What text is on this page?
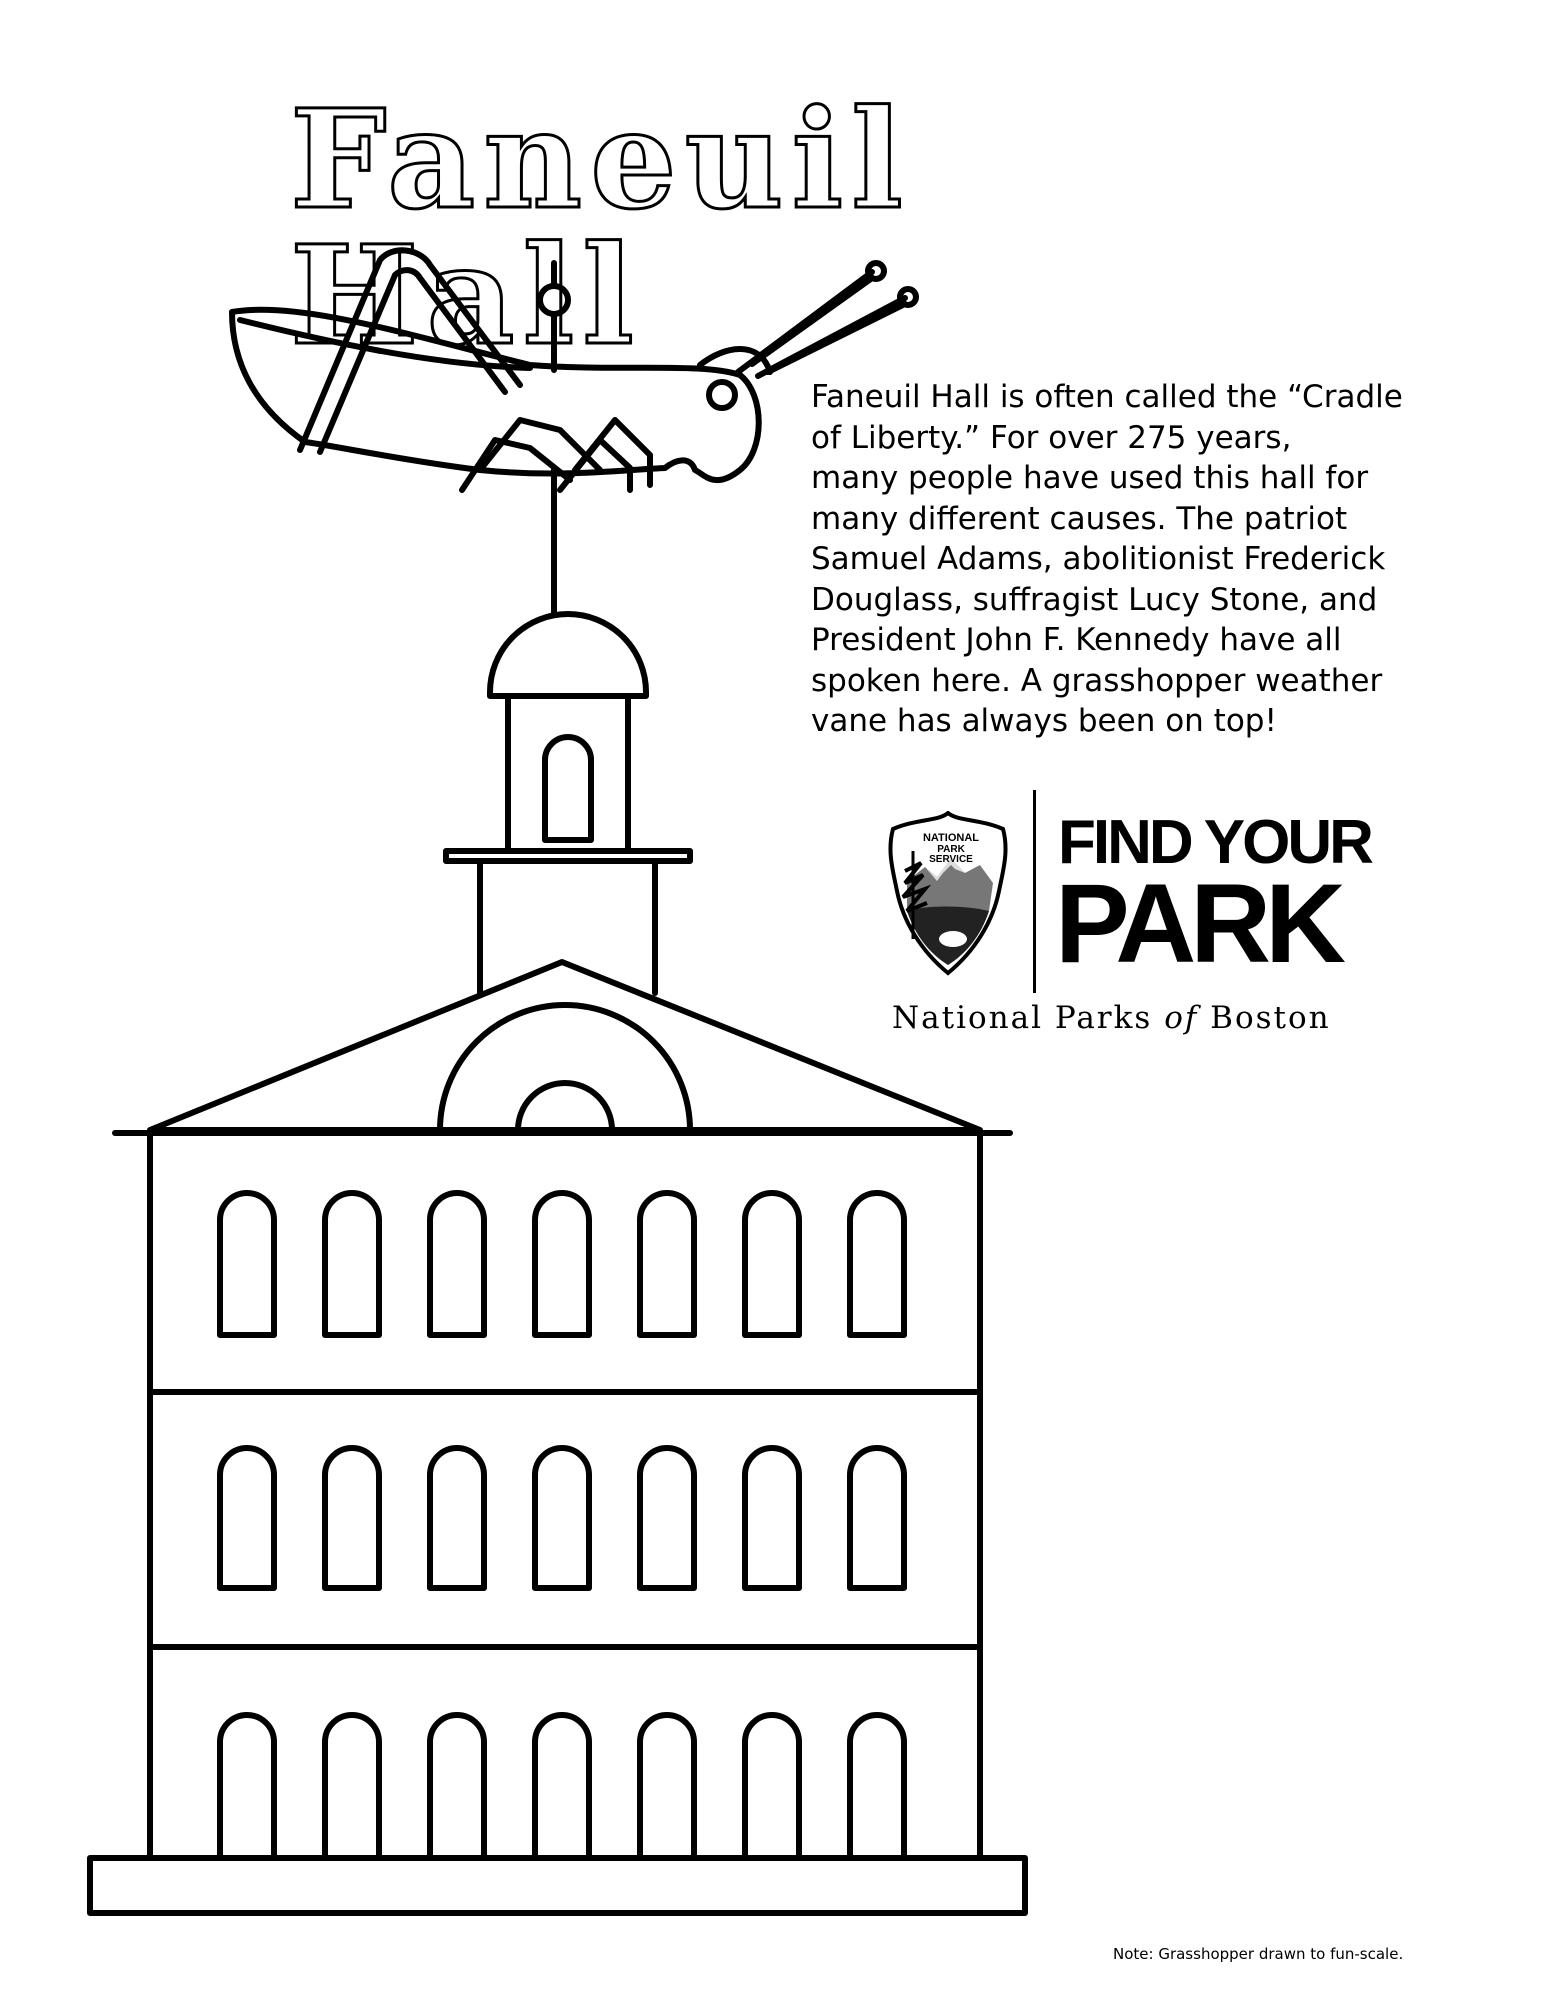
Faneuil Hall
Faneuil Hall is often called the “Cradle
of Liberty.” For over 275 years,
many people have used this hall for
many different causes. The patriot
Samuel Adams, abolitionist Frederick
Douglass, suffragist Lucy Stone, and
President John F. Kennedy have all
spoken here. A grasshopper weather
vane has always been on top!
NATIONAL
PARK
SERVICE FIND YOUR
PARK
National Parks of Boston
Note: Grasshopper drawn to fun-scale.
